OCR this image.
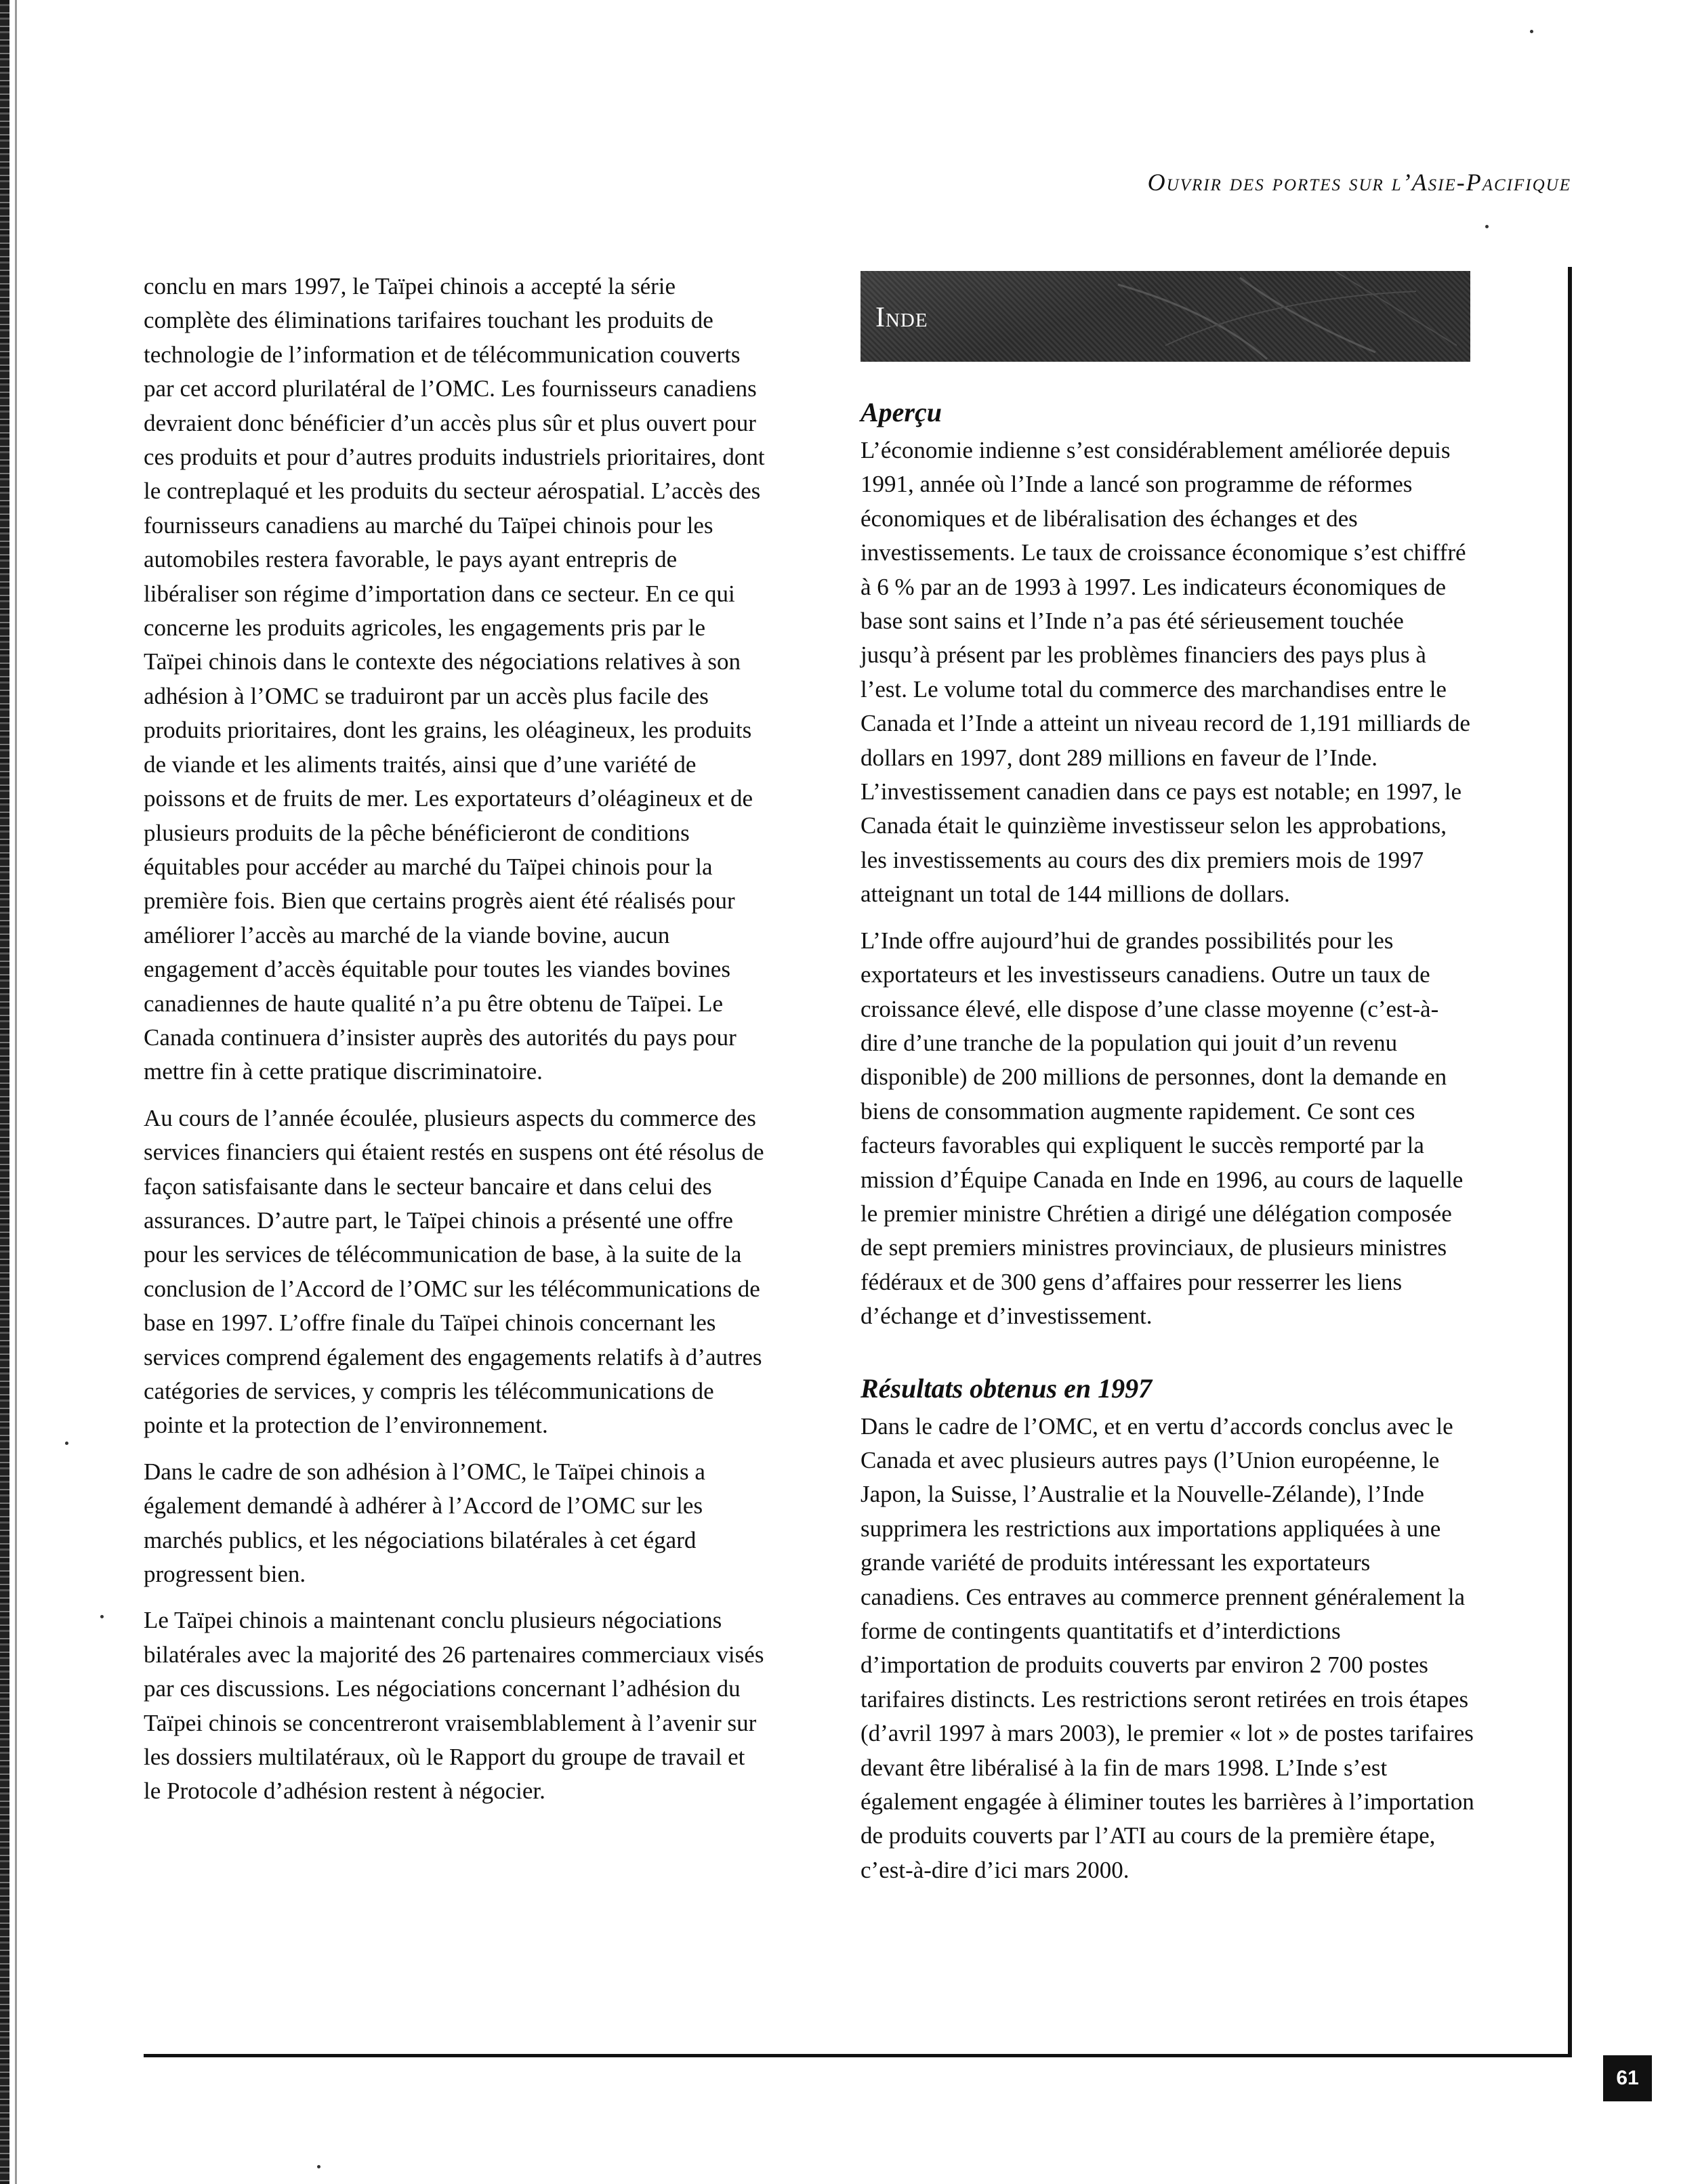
Ouvrir des portes sur l’Asie-Pacifique

conclu en mars 1997, le Taïpei chinois a accepté la série complète des éliminations tarifaires touchant les produits de technologie de l’information et de télécommunication couverts par cet accord plurilatéral de l’OMC. Les fournisseurs canadiens devraient donc bénéficier d’un accès plus sûr et plus ouvert pour ces produits et pour d’autres produits industriels prioritaires, dont le contreplaqué et les produits du secteur aérospatial. L’accès des fournisseurs canadiens au marché du Taïpei chinois pour les automobiles restera favorable, le pays ayant entrepris de libéraliser son régime d’importation dans ce secteur. En ce qui concerne les produits agricoles, les engagements pris par le Taïpei chinois dans le contexte des négociations relatives à son adhésion à l’OMC se traduiront par un accès plus facile des produits prioritaires, dont les grains, les oléagineux, les produits de viande et les aliments traités, ainsi que d’une variété de poissons et de fruits de mer. Les exportateurs d’oléagineux et de plusieurs produits de la pêche bénéficieront de conditions équitables pour accéder au marché du Taïpei chinois pour la première fois. Bien que certains progrès aient été réalisés pour améliorer l’accès au marché de la viande bovine, aucun engagement d’accès équitable pour toutes les viandes bovines canadiennes de haute qualité n’a pu être obtenu de Taïpei. Le Canada continuera d’insister auprès des autorités du pays pour mettre fin à cette pratique discriminatoire.

Au cours de l’année écoulée, plusieurs aspects du commerce des services financiers qui étaient restés en suspens ont été résolus de façon satisfaisante dans le secteur bancaire et dans celui des assurances. D’autre part, le Taïpei chinois a présenté une offre pour les services de télécommunication de base, à la suite de la conclusion de l’Accord de l’OMC sur les télécommunications de base en 1997. L’offre finale du Taïpei chinois concernant les services comprend également des engagements relatifs à d’autres catégories de services, y compris les télécommunications de pointe et la protection de l’environnement.

Dans le cadre de son adhésion à l’OMC, le Taïpei chinois a également demandé à adhérer à l’Accord de l’OMC sur les marchés publics, et les négociations bilatérales à cet égard progressent bien.

Le Taïpei chinois a maintenant conclu plusieurs négociations bilatérales avec la majorité des 26 partenaires commerciaux visés par ces discussions. Les négociations concernant l’adhésion du Taïpei chinois se concentreront vraisemblablement à l’avenir sur les dossiers multilatéraux, où le Rapport du groupe de travail et le Protocole d’adhésion restent à négocier.

Inde
Aperçu

L’économie indienne s’est considérablement améliorée depuis 1991, année où l’Inde a lancé son programme de réformes économiques et de libéralisation des échanges et des investissements. Le taux de croissance économique s’est chiffré à 6 % par an de 1993 à 1997. Les indicateurs économiques de base sont sains et l’Inde n’a pas été sérieusement touchée jusqu’à présent par les problèmes financiers des pays plus à l’est. Le volume total du commerce des marchandises entre le Canada et l’Inde a atteint un niveau record de 1,191 milliards de dollars en 1997, dont 289 millions en faveur de l’Inde. L’investissement canadien dans ce pays est notable; en 1997, le Canada était le quinzième investisseur selon les approbations, les investissements au cours des dix premiers mois de 1997 atteignant un total de 144 millions de dollars.

L’Inde offre aujourd’hui de grandes possibilités pour les exportateurs et les investisseurs canadiens. Outre un taux de croissance élevé, elle dispose d’une classe moyenne (c’est-à-dire d’une tranche de la population qui jouit d’un revenu disponible) de 200 millions de personnes, dont la demande en biens de consommation augmente rapidement. Ce sont ces facteurs favorables qui expliquent le succès remporté par la mission d’Équipe Canada en Inde en 1996, au cours de laquelle le premier ministre Chrétien a dirigé une délégation composée de sept premiers ministres provinciaux, de plusieurs ministres fédéraux et de 300 gens d’affaires pour resserrer les liens d’échange et d’investissement.

Résultats obtenus en 1997

Dans le cadre de l’OMC, et en vertu d’accords conclus avec le Canada et avec plusieurs autres pays (l’Union européenne, le Japon, la Suisse, l’Australie et la Nouvelle-Zélande), l’Inde supprimera les restrictions aux importations appliquées à une grande variété de produits intéressant les exportateurs canadiens. Ces entraves au commerce prennent généralement la forme de contingents quantitatifs et d’interdictions d’importation de produits couverts par environ 2 700 postes tarifaires distincts. Les restrictions seront retirées en trois étapes (d’avril 1997 à mars 2003), le premier « lot » de postes tarifaires devant être libéralisé à la fin de mars 1998. L’Inde s’est également engagée à éliminer toutes les barrières à l’importation de produits couverts par l’ATI au cours de la première étape, c’est-à-dire d’ici mars 2000.

61
